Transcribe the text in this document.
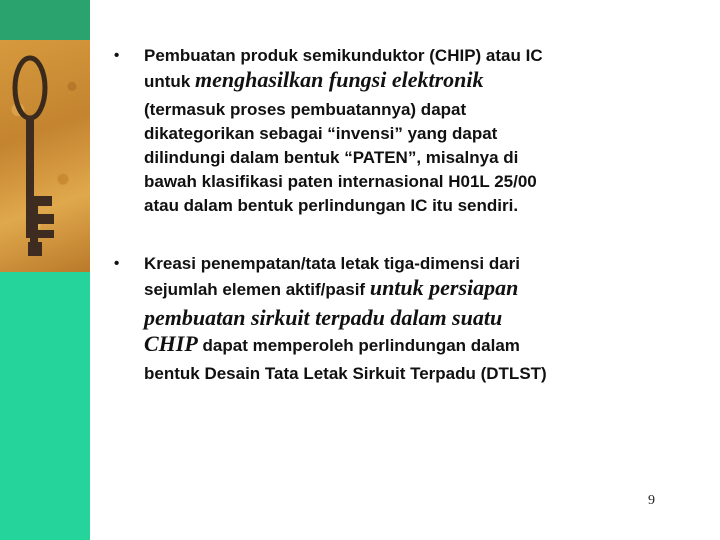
• Pembuatan produk semikunduktor (CHIP) atau IC
untuk menghasilkan fungsi elektronik
(termasuk proses pembuatannya) dapat
dikategorikan sebagai “invensi” yang dapat
dilindungi dalam bentuk “PATEN”, misalnya di
bawah klasifikasi paten internasional H01L 25/00
atau dalam bentuk perlindungan IC itu sendiri.
• Kreasi penempatan/tata letak tiga-dimensi dari
sejumlah elemen aktif/pasif untuk persiapan
pembuatan sirkuit terpadu dalam suatu
CHIP dapat memperoleh perlindungan dalam
bentuk Desain Tata Letak Sirkuit Terpadu (DTLST)
9
